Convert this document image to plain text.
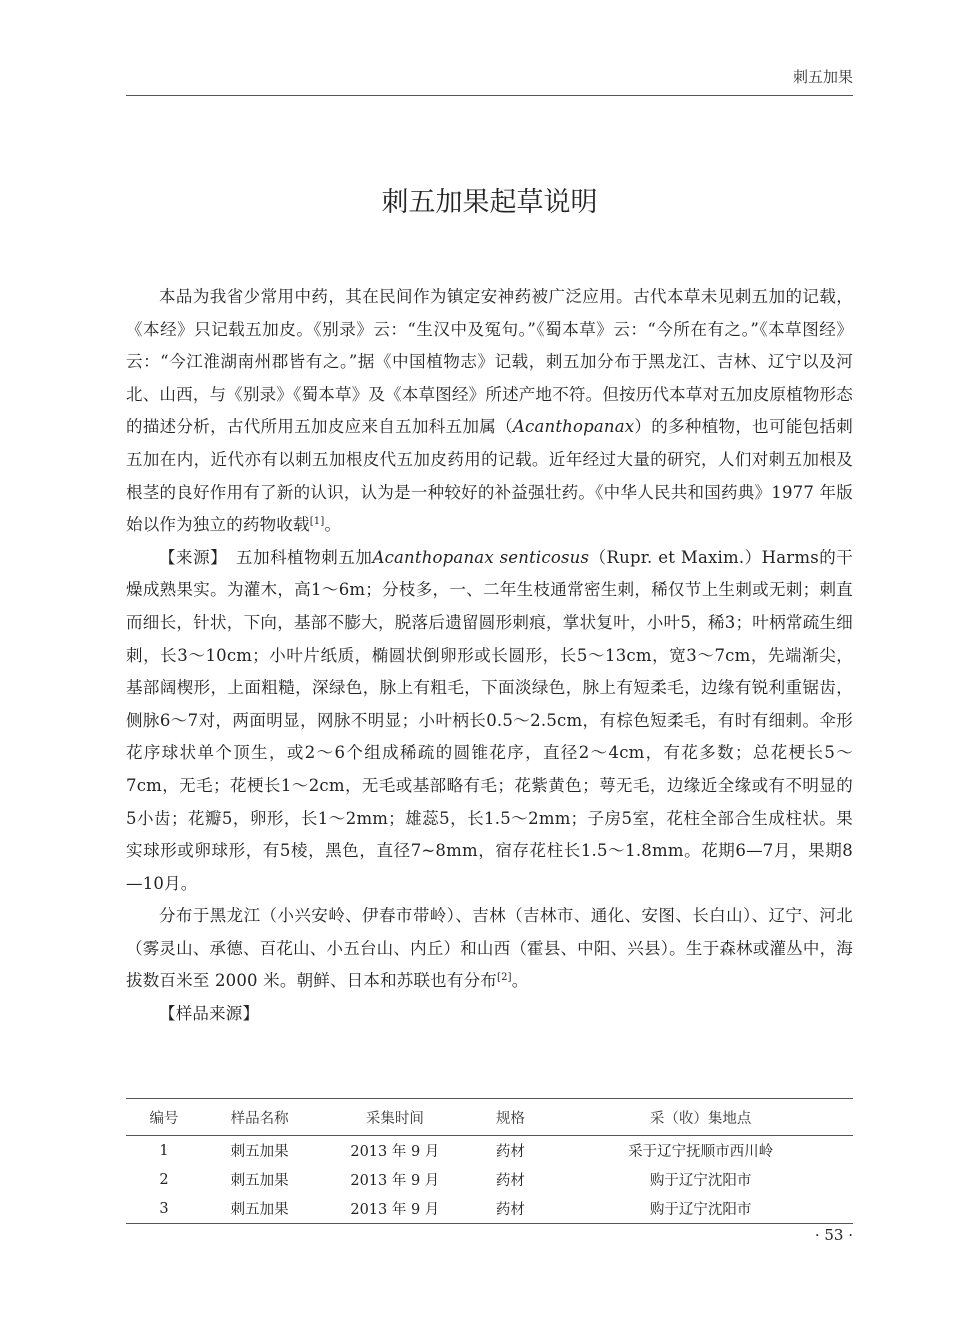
刺五加果
刺五加果起草说明

本品为我省少常用中药，其在民间作为镇定安神药被广泛应用。古代本草未见刺五加的记载，《本经》只记载五加皮。《别录》云：“生汉中及冤句。”《蜀本草》云：“今所在有之。”《本草图经》云：“今江淮湖南州郡皆有之。”据《中国植物志》记载，刺五加分布于黑龙江、吉林、辽宁以及河北、山西，与《别录》《蜀本草》及《本草图经》所述产地不符。但按历代本草对五加皮原植物形态的描述分析，古代所用五加皮应来自五加科五加属（Acanthopanax）的多种植物，也可能包括刺五加在内，近代亦有以刺五加根皮代五加皮药用的记载。近年经过大量的研究，人们对刺五加根及根茎的良好作用有了新的认识，认为是一种较好的补益强壮药。《中华人民共和国药典》1977 年版始以作为独立的药物收载[1]。

【来源】　 五加科植物刺五加Acanthopanax senticosus（Rupr. et Maxim.）Harms的干燥成熟果实。为灌木，高1～6m；分枝多，一、二年生枝通常密生刺，稀仅节上生刺或无刺；刺直而细长，针状，下向，基部不膨大，脱落后遗留圆形刺痕，掌状复叶，小叶5，稀3；叶柄常疏生细刺，长3～10cm；小叶片纸质，椭圆状倒卵形或长圆形，长5～13cm，宽3～7cm，先端渐尖，基部阔楔形，上面粗糙，深绿色，脉上有粗毛，下面淡绿色，脉上有短柔毛，边缘有锐利重锯齿，侧脉6～7对，两面明显，网脉不明显；小叶柄长0.5～2.5cm，有棕色短柔毛，有时有细刺。伞形花序球状单个顶生，或2～6个组成稀疏的圆锥花序，直径2～4cm，有花多数；总花梗长5～7cm，无毛；花梗长1～2cm，无毛或基部略有毛；花紫黄色；萼无毛，边缘近全缘或有不明显的5小齿；花瓣5，卵形，长1～2mm；雄蕊5，长1.5～2mm；子房5室，花柱全部合生成柱状。果实球形或卵球形，有5棱，黑色，直径7~8mm，宿存花柱长1.5～1.8mm。花期6—7月，果期8—10月。

分布于黑龙江（小兴安岭、伊春市带岭）、吉林（吉林市、通化、安图、长白山）、辽宁、河北（雾灵山、承德、百花山、小五台山、内丘）和山西（霍县、中阳、兴县）。生于森林或灌丛中，海拔数百米至 2000 米。朝鲜、日本和苏联也有分布[2]。

【样品来源】

编号	样品名称	采集时间	规格	采（收）集地点
1	刺五加果	2013 年 9 月	药材	采于辽宁抚顺市西川岭
2	刺五加果	2013 年 9 月	药材	购于辽宁沈阳市
3	刺五加果	2013 年 9 月	药材	购于辽宁沈阳市
· 53 ·
